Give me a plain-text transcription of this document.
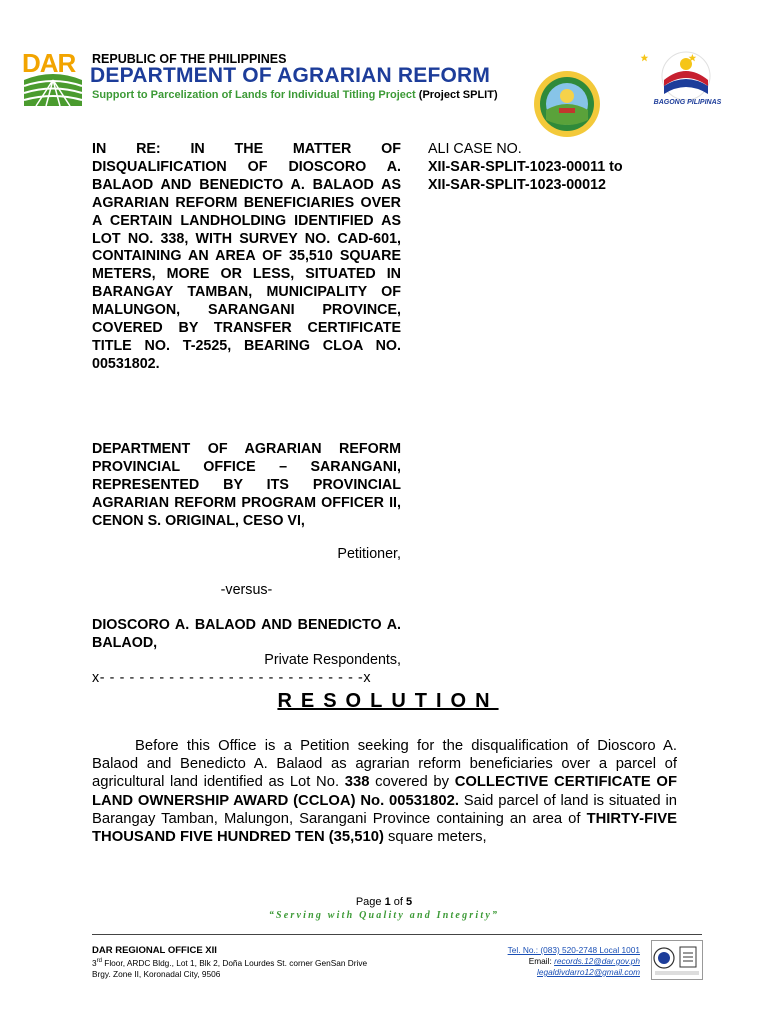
DAR REPUBLIC OF THE PHILIPPINES
DEPARTMENT OF AGRARIAN REFORM
Support to Parcelization of Lands for Individual Titling Project (Project SPLIT)
BAGONG PILIPINAS
IN RE: IN THE MATTER OF DISQUALIFICATION OF DIOSCORO A. BALAOD AND BENEDICTO A. BALAOD AS AGRARIAN REFORM BENEFICIARIES OVER A CERTAIN LANDHOLDING IDENTIFIED AS LOT NO. 338, WITH SURVEY NO. CAD-601, CONTAINING AN AREA OF 35,510 SQUARE METERS, MORE OR LESS, SITUATED IN BARANGAY TAMBAN, MUNICIPALITY OF MALUNGON, SARANGANI PROVINCE, COVERED BY TRANSFER CERTIFICATE TITLE NO. T-2525, BEARING CLOA NO. 00531802.
DEPARTMENT OF AGRARIAN REFORM PROVINCIAL OFFICE – SARANGANI, REPRESENTED BY ITS PROVINCIAL AGRARIAN REFORM PROGRAM OFFICER II, CENON S. ORIGINAL, CESO VI,
Petitioner,
-versus-
DIOSCORO A. BALAOD AND BENEDICTO A. BALAOD,
Private Respondents,
x- - - - - - - - - - - - - - - - - - - - - - - - - - -x
ALI CASE NO.
XII-SAR-SPLIT-1023-00011 to
XII-SAR-SPLIT-1023-00012
RESOLUTION
Before this Office is a Petition seeking for the disqualification of Dioscoro A. Balaod and Benedicto A. Balaod as agrarian reform beneficiaries over a parcel of agricultural land identified as Lot No. 338 covered by COLLECTIVE CERTIFICATE OF LAND OWNERSHIP AWARD (CCLOA) No. 00531802. Said parcel of land is situated in Barangay Tamban, Malungon, Sarangani Province containing an area of THIRTY-FIVE THOUSAND FIVE HUNDRED TEN (35,510) square meters,
Page 1 of 5
“Serving with Quality and Integrity”
DAR REGIONAL OFFICE XII
3rd Floor, ARDC Bldg., Lot 1, Blk 2, Doña Lourdes St. corner GenSan Drive
Brgy. Zone II, Koronadal City, 9506
Tel. No.: (083) 520-2748 Local 1001
Email: records.12@dar.gov.ph
legaldivdarro12@gmail.com
